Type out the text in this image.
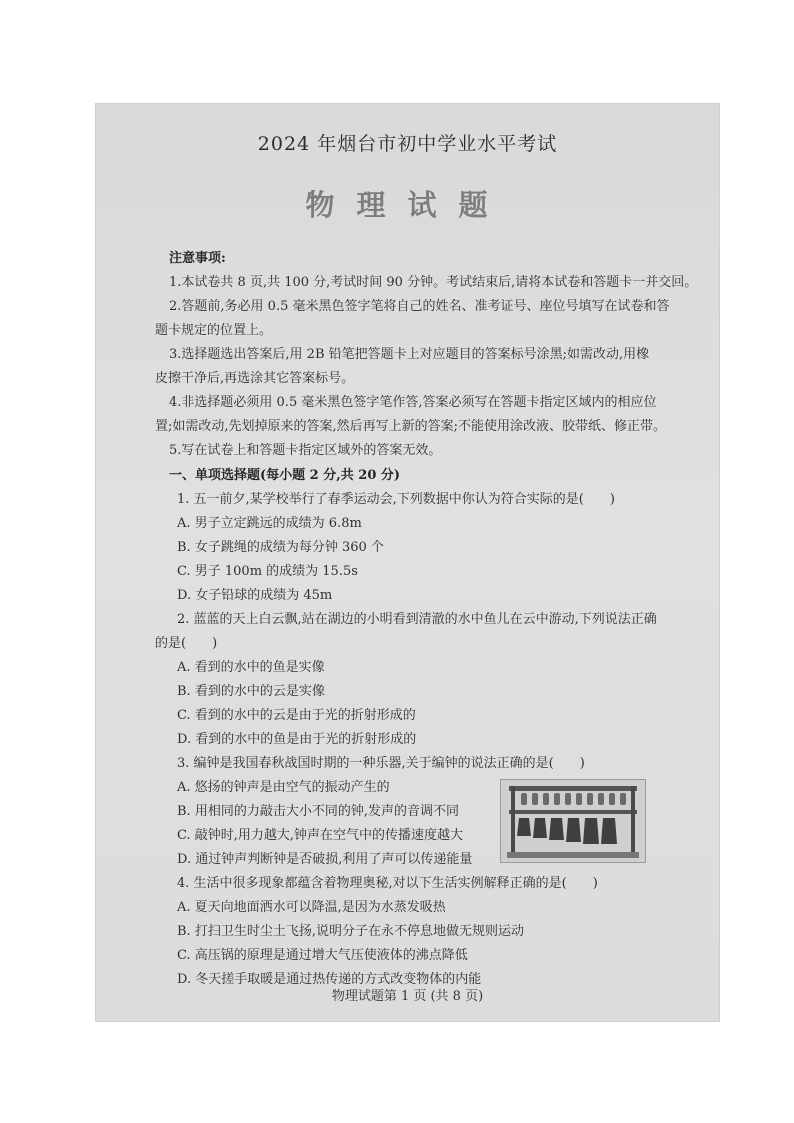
2024 年烟台市初中学业水平考试
物理试题
注意事项:
1.本试卷共 8 页,共 100 分,考试时间 90 分钟。考试结束后,请将本试卷和答题卡一并交回。
2.答题前,务必用 0.5 毫米黑色签字笔将自己的姓名、准考证号、座位号填写在试卷和答
题卡规定的位置上。
3.选择题选出答案后,用 2B 铅笔把答题卡上对应题目的答案标号涂黑;如需改动,用橡
皮擦干净后,再选涂其它答案标号。
4.非选择题必须用 0.5 毫米黑色签字笔作答,答案必须写在答题卡指定区域内的相应位
置;如需改动,先划掉原来的答案,然后再写上新的答案;不能使用涂改液、胶带纸、修正带。
5.写在试卷上和答题卡指定区域外的答案无效。
一、单项选择题(每小题 2 分,共 20 分)
1. 五一前夕,某学校举行了春季运动会,下列数据中你认为符合实际的是(　　)
A. 男子立定跳远的成绩为 6.8m
B. 女子跳绳的成绩为每分钟 360 个
C. 男子 100m 的成绩为 15.5s
D. 女子铅球的成绩为 45m
2. 蓝蓝的天上白云飘,站在湖边的小明看到清澈的水中鱼儿在云中游动,下列说法正确
的是(　　)
A. 看到的水中的鱼是实像
B. 看到的水中的云是实像
C. 看到的水中的云是由于光的折射形成的
D. 看到的水中的鱼是由于光的折射形成的
3. 编钟是我国春秋战国时期的一种乐器,关于编钟的说法正确的是(　　)
A. 悠扬的钟声是由空气的振动产生的
B. 用相同的力敲击大小不同的钟,发声的音调不同
C. 敲钟时,用力越大,钟声在空气中的传播速度越大
D. 通过钟声判断钟是否破损,利用了声可以传递能量
4. 生活中很多现象都蕴含着物理奥秘,对以下生活实例解释正确的是(　　)
A. 夏天向地面洒水可以降温,是因为水蒸发吸热
B. 打扫卫生时尘土飞扬,说明分子在永不停息地做无规则运动
C. 高压锅的原理是通过增大气压使液体的沸点降低
D. 冬天搓手取暖是通过热传递的方式改变物体的内能
物理试题第 1 页 (共 8 页)
